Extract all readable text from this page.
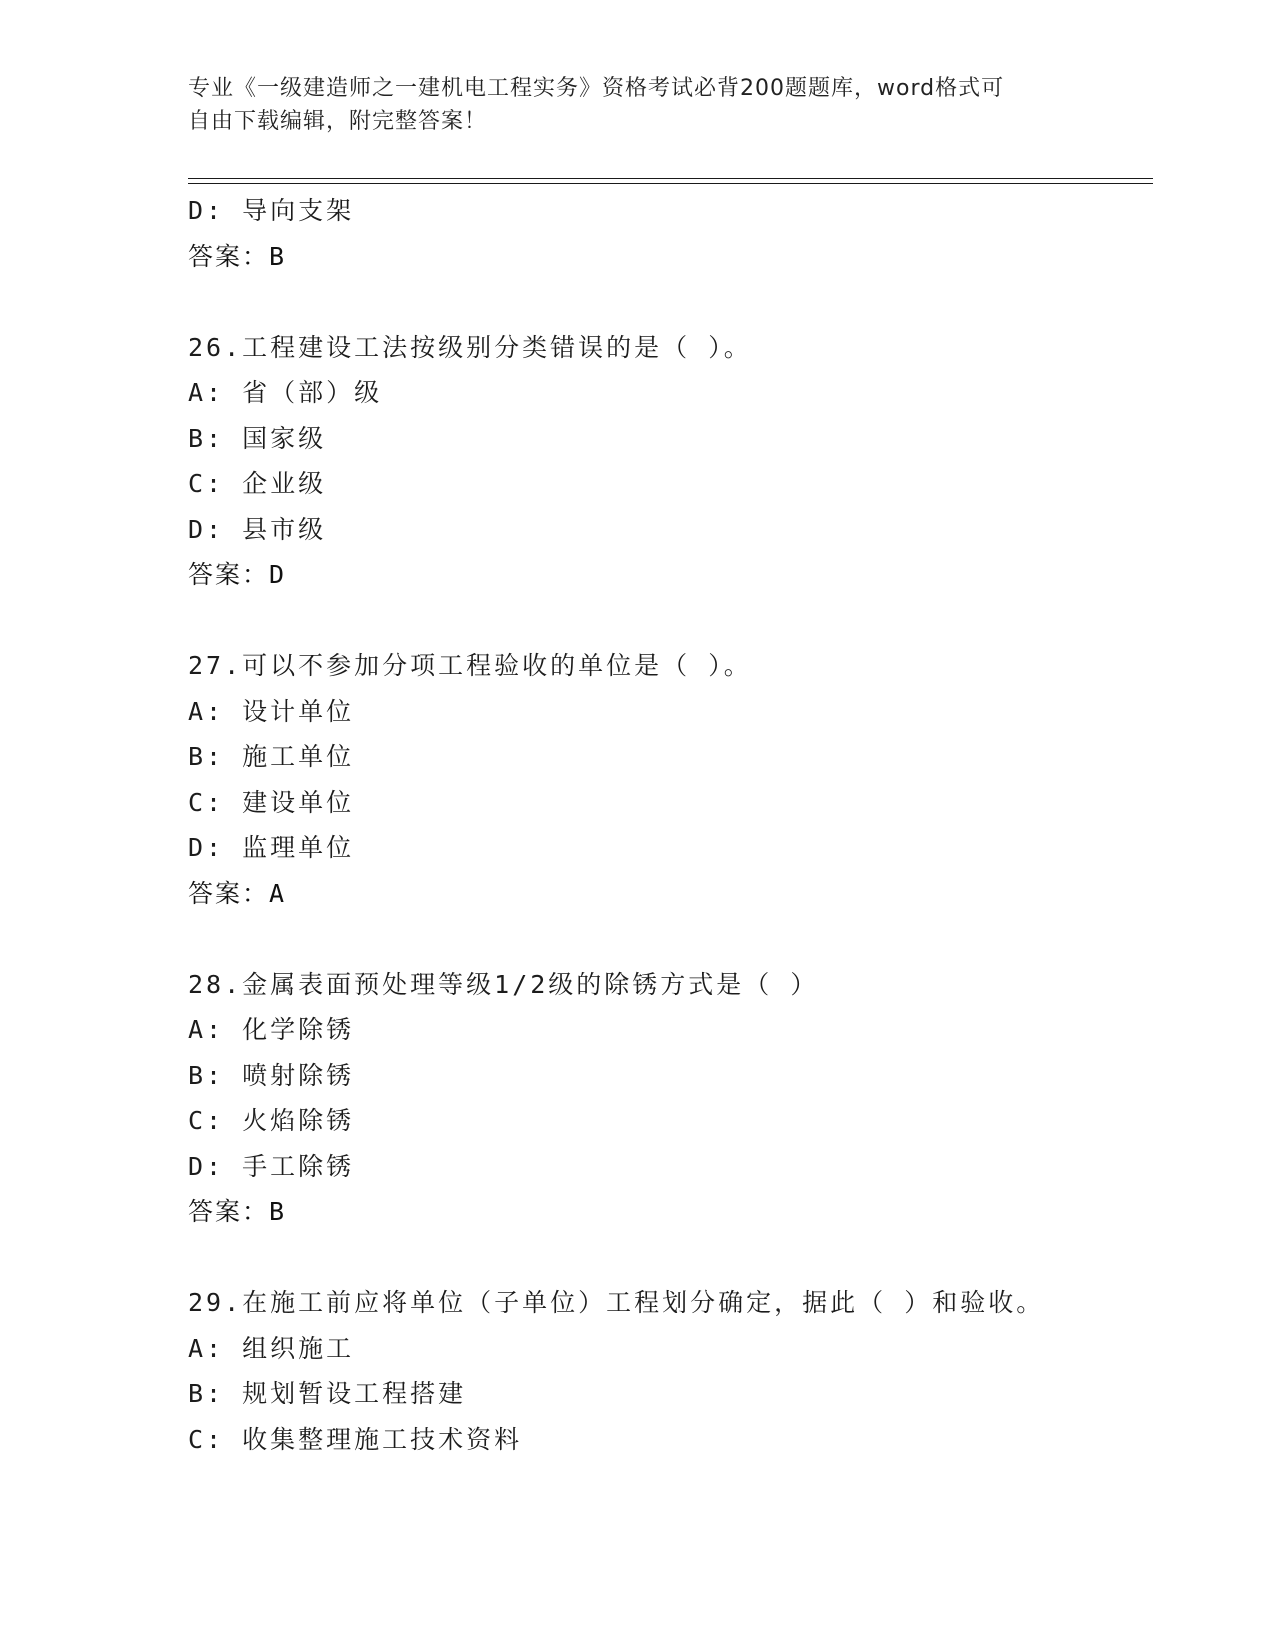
专业《一级建造师之一建机电工程实务》资格考试必背200题题库，word格式可
自由下载编辑，附完整答案！
D: 导向支架
答案：B
26.工程建设工法按级别分类错误的是（ ）。
A: 省（部）级
B: 国家级
C: 企业级
D: 县市级
答案：D
27.可以不参加分项工程验收的单位是（ ）。
A: 设计单位
B: 施工单位
C: 建设单位
D: 监理单位
答案：A
28.金属表面预处理等级1/2级的除锈方式是（ ）
A: 化学除锈
B: 喷射除锈
C: 火焰除锈
D: 手工除锈
答案：B
29.在施工前应将单位（子单位）工程划分确定，据此（ ）和验收。
A: 组织施工
B: 规划暂设工程搭建
C: 收集整理施工技术资料
